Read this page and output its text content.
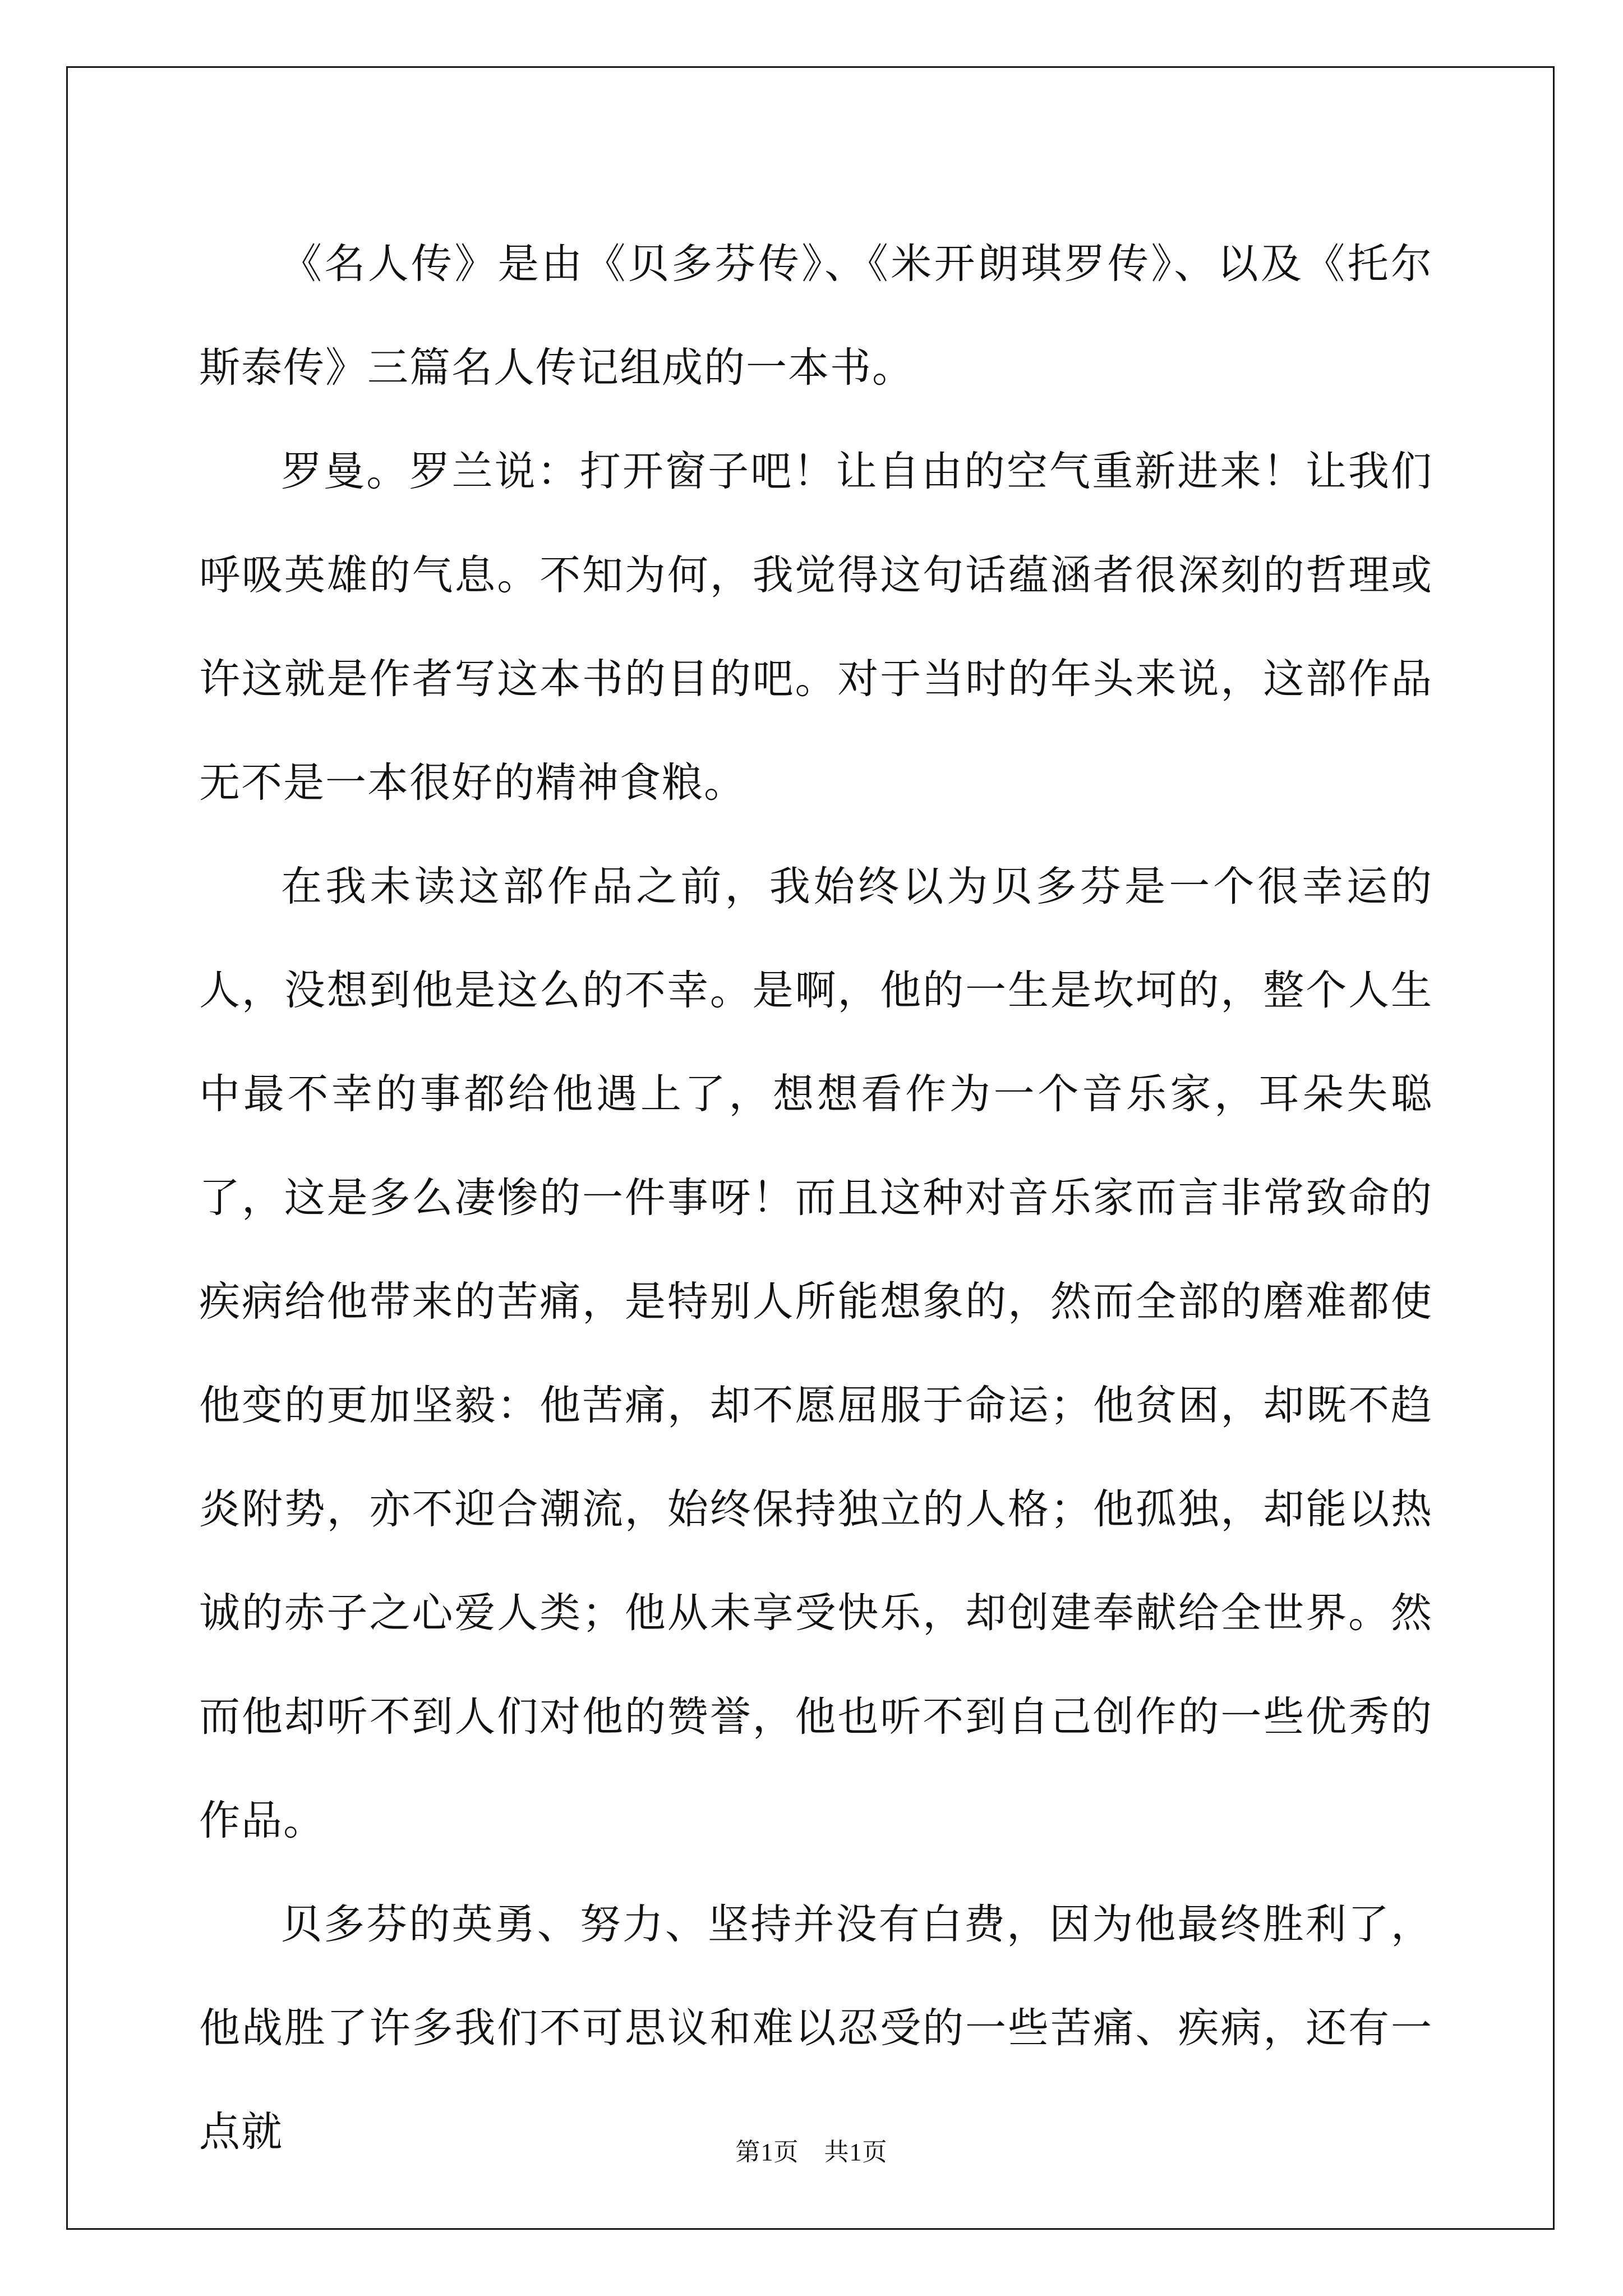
《名人传》是由《贝多芬传》、《米开朗琪罗传》、以及《托尔斯泰传》三篇名人传记组成的一本书。

罗曼。罗兰说：打开窗子吧！让自由的空气重新进来！让我们呼吸英雄的气息。不知为何，我觉得这句话蕴涵者很深刻的哲理或许这就是作者写这本书的目的吧。对于当时的年头来说，这部作品无不是一本很好的精神食粮。

在我未读这部作品之前，我始终以为贝多芬是一个很幸运的人，没想到他是这么的不幸。是啊，他的一生是坎坷的，整个人生中最不幸的事都给他遇上了，想想看作为一个音乐家，耳朵失聪了，这是多么凄惨的一件事呀！而且这种对音乐家而言非常致命的疾病给他带来的苦痛，是特别人所能想象的，然而全部的磨难都使他变的更加坚毅：他苦痛，却不愿屈服于命运；他贫困，却既不趋炎附势，亦不迎合潮流，始终保持独立的人格；他孤独，却能以热诚的赤子之心爱人类；他从未享受快乐，却创建奉献给全世界。然而他却听不到人们对他的赞誉，他也听不到自己创作的一些优秀的作品。

贝多芬的英勇、努力、坚持并没有白费，因为他最终胜利了，他战胜了许多我们不可思议和难以忍受的一些苦痛、疾病，还有一点就	第1页　共1页
